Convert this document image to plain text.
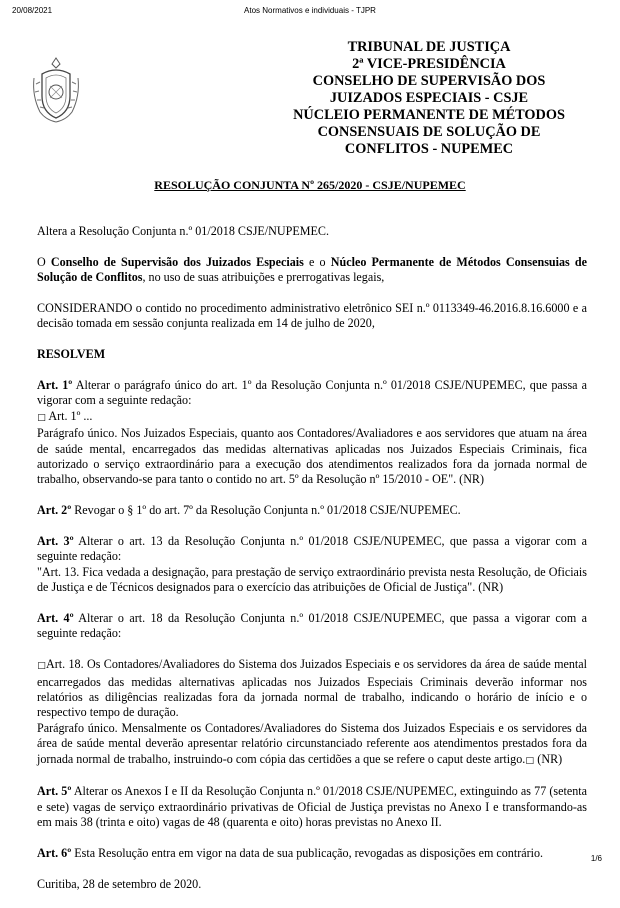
20/08/2021	Atos Normativos e individuais - TJPR
TRIBUNAL DE JUSTIÇA
2ª VICE-PRESIDÊNCIA
CONSELHO DE SUPERVISÃO DOS
JUIZADOS ESPECIAIS - CSJE
NÚCLEIO PERMANENTE DE MÉTODOS
CONSENSUAIS DE SOLUÇÃO DE
CONFLITOS - NUPEMEC
RESOLUÇÃO CONJUNTA Nº 265/2020 - CSJE/NUPEMEC

Altera a Resolução Conjunta n.º 01/2018 CSJE/NUPEMEC.

O Conselho de Supervisão dos Juizados Especiais e o Núcleo Permanente de Métodos Consensuias de Solução de Conflitos, no uso de suas atribuições e prerrogativas legais,

CONSIDERANDO o contido no procedimento administrativo eletrônico SEI n.º 0113349-46.2016.8.16.6000 e a decisão tomada em sessão conjunta realizada em 14 de julho de 2020,

RESOLVEM

Art. 1º Alterar o parágrafo único do art. 1º da Resolução Conjunta n.º 01/2018 CSJE/NUPEMEC, que passa a vigorar com a seguinte redação:

□ Art. 1º ...

Parágrafo único. Nos Juizados Especiais, quanto aos Contadores/Avaliadores e aos servidores que atuam na área de saúde mental, encarregados das medidas alternativas aplicadas nos Juizados Especiais Criminais, fica autorizado o serviço extraordinário para a execução dos atendimentos realizados fora da jornada normal de trabalho, observando-se para tanto o contido no art. 5º da Resolução nº 15/2010 - OE". (NR)

Art. 2º Revogar o § 1º do art. 7º da Resolução Conjunta n.º 01/2018 CSJE/NUPEMEC.

Art. 3º Alterar o art. 13 da Resolução Conjunta n.º 01/2018 CSJE/NUPEMEC, que passa a vigorar com a seguinte redação:

"Art. 13. Fica vedada a designação, para prestação de serviço extraordinário prevista nesta Resolução, de Oficiais de Justiça e de Técnicos designados para o exercício das atribuições de Oficial de Justiça". (NR)

Art. 4º Alterar o art. 18 da Resolução Conjunta n.º 01/2018 CSJE/NUPEMEC, que passa a vigorar com a seguinte redação:

□Art. 18. Os Contadores/Avaliadores do Sistema dos Juizados Especiais e os servidores da área de saúde mental encarregados das medidas alternativas aplicadas nos Juizados Especiais Criminais deverão informar nos relatórios as diligências realizadas fora da jornada normal de trabalho, indicando o horário de início e o respectivo tempo de duração.

Parágrafo único. Mensalmente os Contadores/Avaliadores do Sistema dos Juizados Especiais e os servidores da área de saúde mental deverão apresentar relatório circunstanciado referente aos atendimentos prestados fora da jornada normal de trabalho, instruindo-o com cópia das certidões a que se refere o caput deste artigo.□ (NR)

Art. 5º Alterar os Anexos I e II da Resolução Conjunta n.º 01/2018 CSJE/NUPEMEC, extinguindo as 77 (setenta e sete) vagas de serviço extraordinário privativas de Oficial de Justiça previstas no Anexo I e transformando-as em mais 38 (trinta e oito) vagas de 48 (quarenta e oito) horas previstas no Anexo II.

Art. 6º Esta Resolução entra em vigor na data de sua publicação, revogadas as disposições em contrário.

Curitiba, 28 de setembro de 2020.

1/6
